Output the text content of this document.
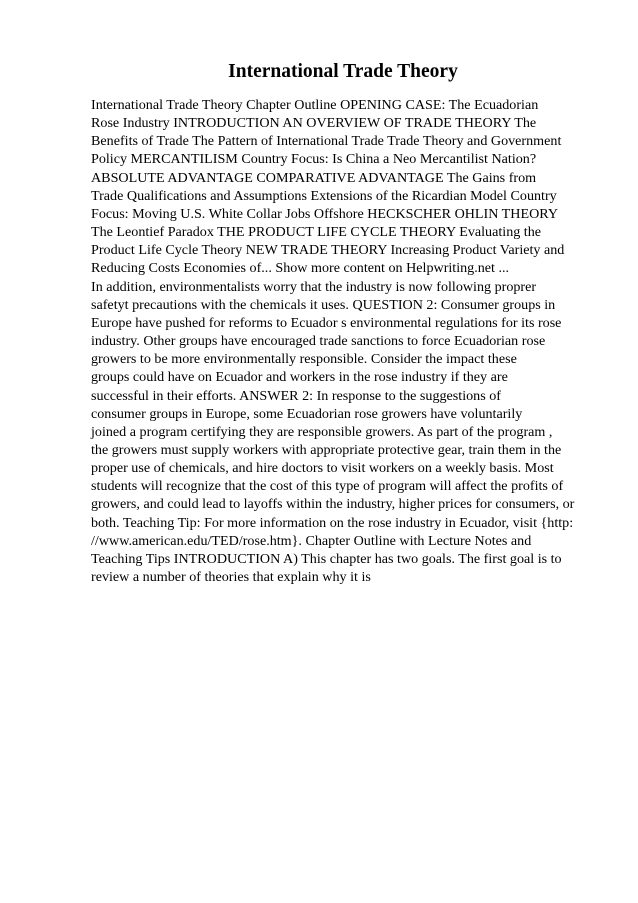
International Trade Theory
International Trade Theory Chapter Outline OPENING CASE: The Ecuadorian
Rose Industry INTRODUCTION AN OVERVIEW OF TRADE THEORY The
Benefits of Trade The Pattern of International Trade Trade Theory and Government
Policy MERCANTILISM Country Focus: Is China a Neo Mercantilist Nation?
ABSOLUTE ADVANTAGE COMPARATIVE ADVANTAGE The Gains from
Trade Qualifications and Assumptions Extensions of the Ricardian Model Country
Focus: Moving U.S. White Collar Jobs Offshore HECKSCHER OHLIN THEORY
The Leontief Paradox THE PRODUCT LIFE CYCLE THEORY Evaluating the
Product Life Cycle Theory NEW TRADE THEORY Increasing Product Variety and
Reducing Costs Economies of... Show more content on Helpwriting.net ...
In addition, environmentalists worry that the industry is now following proprer
safetyt precautions with the chemicals it uses. QUESTION 2: Consumer groups in
Europe have pushed for reforms to Ecuador s environmental regulations for its rose
industry. Other groups have encouraged trade sanctions to force Ecuadorian rose
growers to be more environmentally responsible. Consider the impact these
groups could have on Ecuador and workers in the rose industry if they are
successful in their efforts. ANSWER 2: In response to the suggestions of
consumer groups in Europe, some Ecuadorian rose growers have voluntarily
joined a program certifying they are responsible growers. As part of the program ,
the growers must supply workers with appropriate protective gear, train them in the
proper use of chemicals, and hire doctors to visit workers on a weekly basis. Most
students will recognize that the cost of this type of program will affect the profits of
growers, and could lead to layoffs within the industry, higher prices for consumers, or
both. Teaching Tip: For more information on the rose industry in Ecuador, visit {http:
//www.american.edu/TED/rose.htm}. Chapter Outline with Lecture Notes and
Teaching Tips INTRODUCTION A) This chapter has two goals. The first goal is to
review a number of theories that explain why it is
